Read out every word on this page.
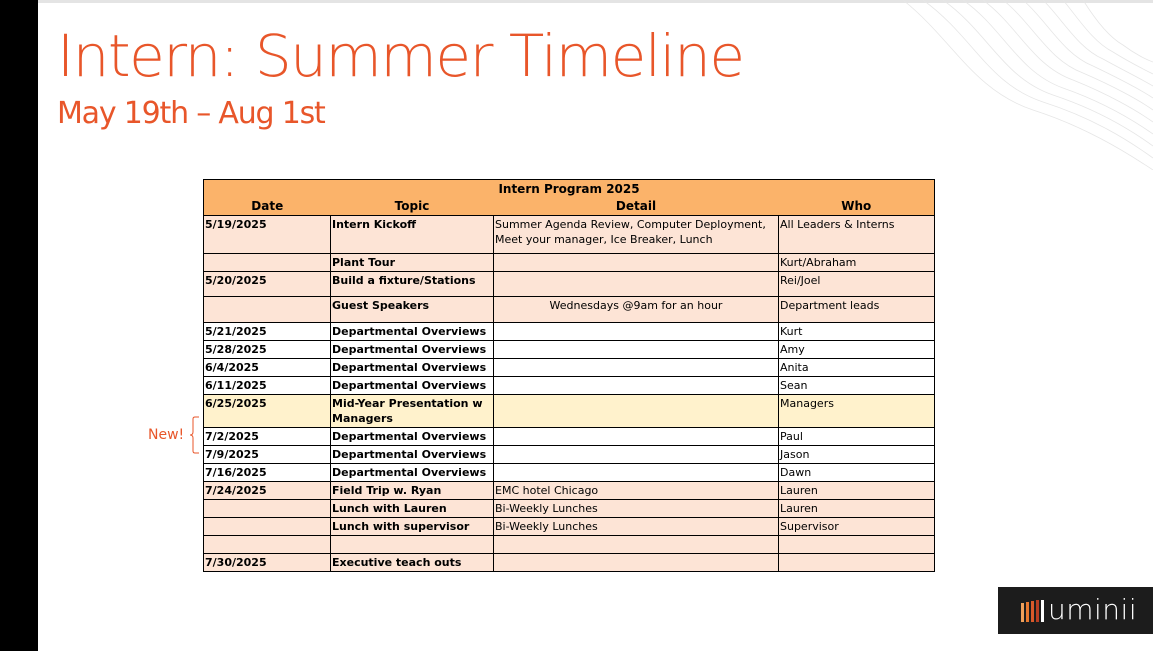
Intern: Summer Timeline
May 19th – Aug 1st
New!
Intern Program 2025			
Date	Topic	Detail	Who
5/19/2025	Intern Kickoff	Summer Agenda Review, Computer Deployment, Meet your manager, Ice Breaker, Lunch	All Leaders & Interns
	Plant Tour		Kurt/Abraham
5/20/2025	Build a fixture/Stations		Rei/Joel
	Guest Speakers	Wednesdays @9am for an hour	Department leads
5/21/2025	Departmental Overviews		Kurt
5/28/2025	Departmental Overviews		Amy
6/4/2025	Departmental Overviews		Anita
6/11/2025	Departmental Overviews		Sean
6/25/2025	Mid-Year Presentation w Managers		Managers
7/2/2025	Departmental Overviews		Paul
7/9/2025	Departmental Overviews		Jason
7/16/2025	Departmental Overviews		Dawn
7/24/2025	Field Trip w. Ryan	EMC hotel Chicago	Lauren
	Lunch with Lauren	Bi-Weekly Lunches	Lauren
	Lunch with supervisor	Bi-Weekly Lunches	Supervisor

7/30/2025	Executive teach outs		
uminii
